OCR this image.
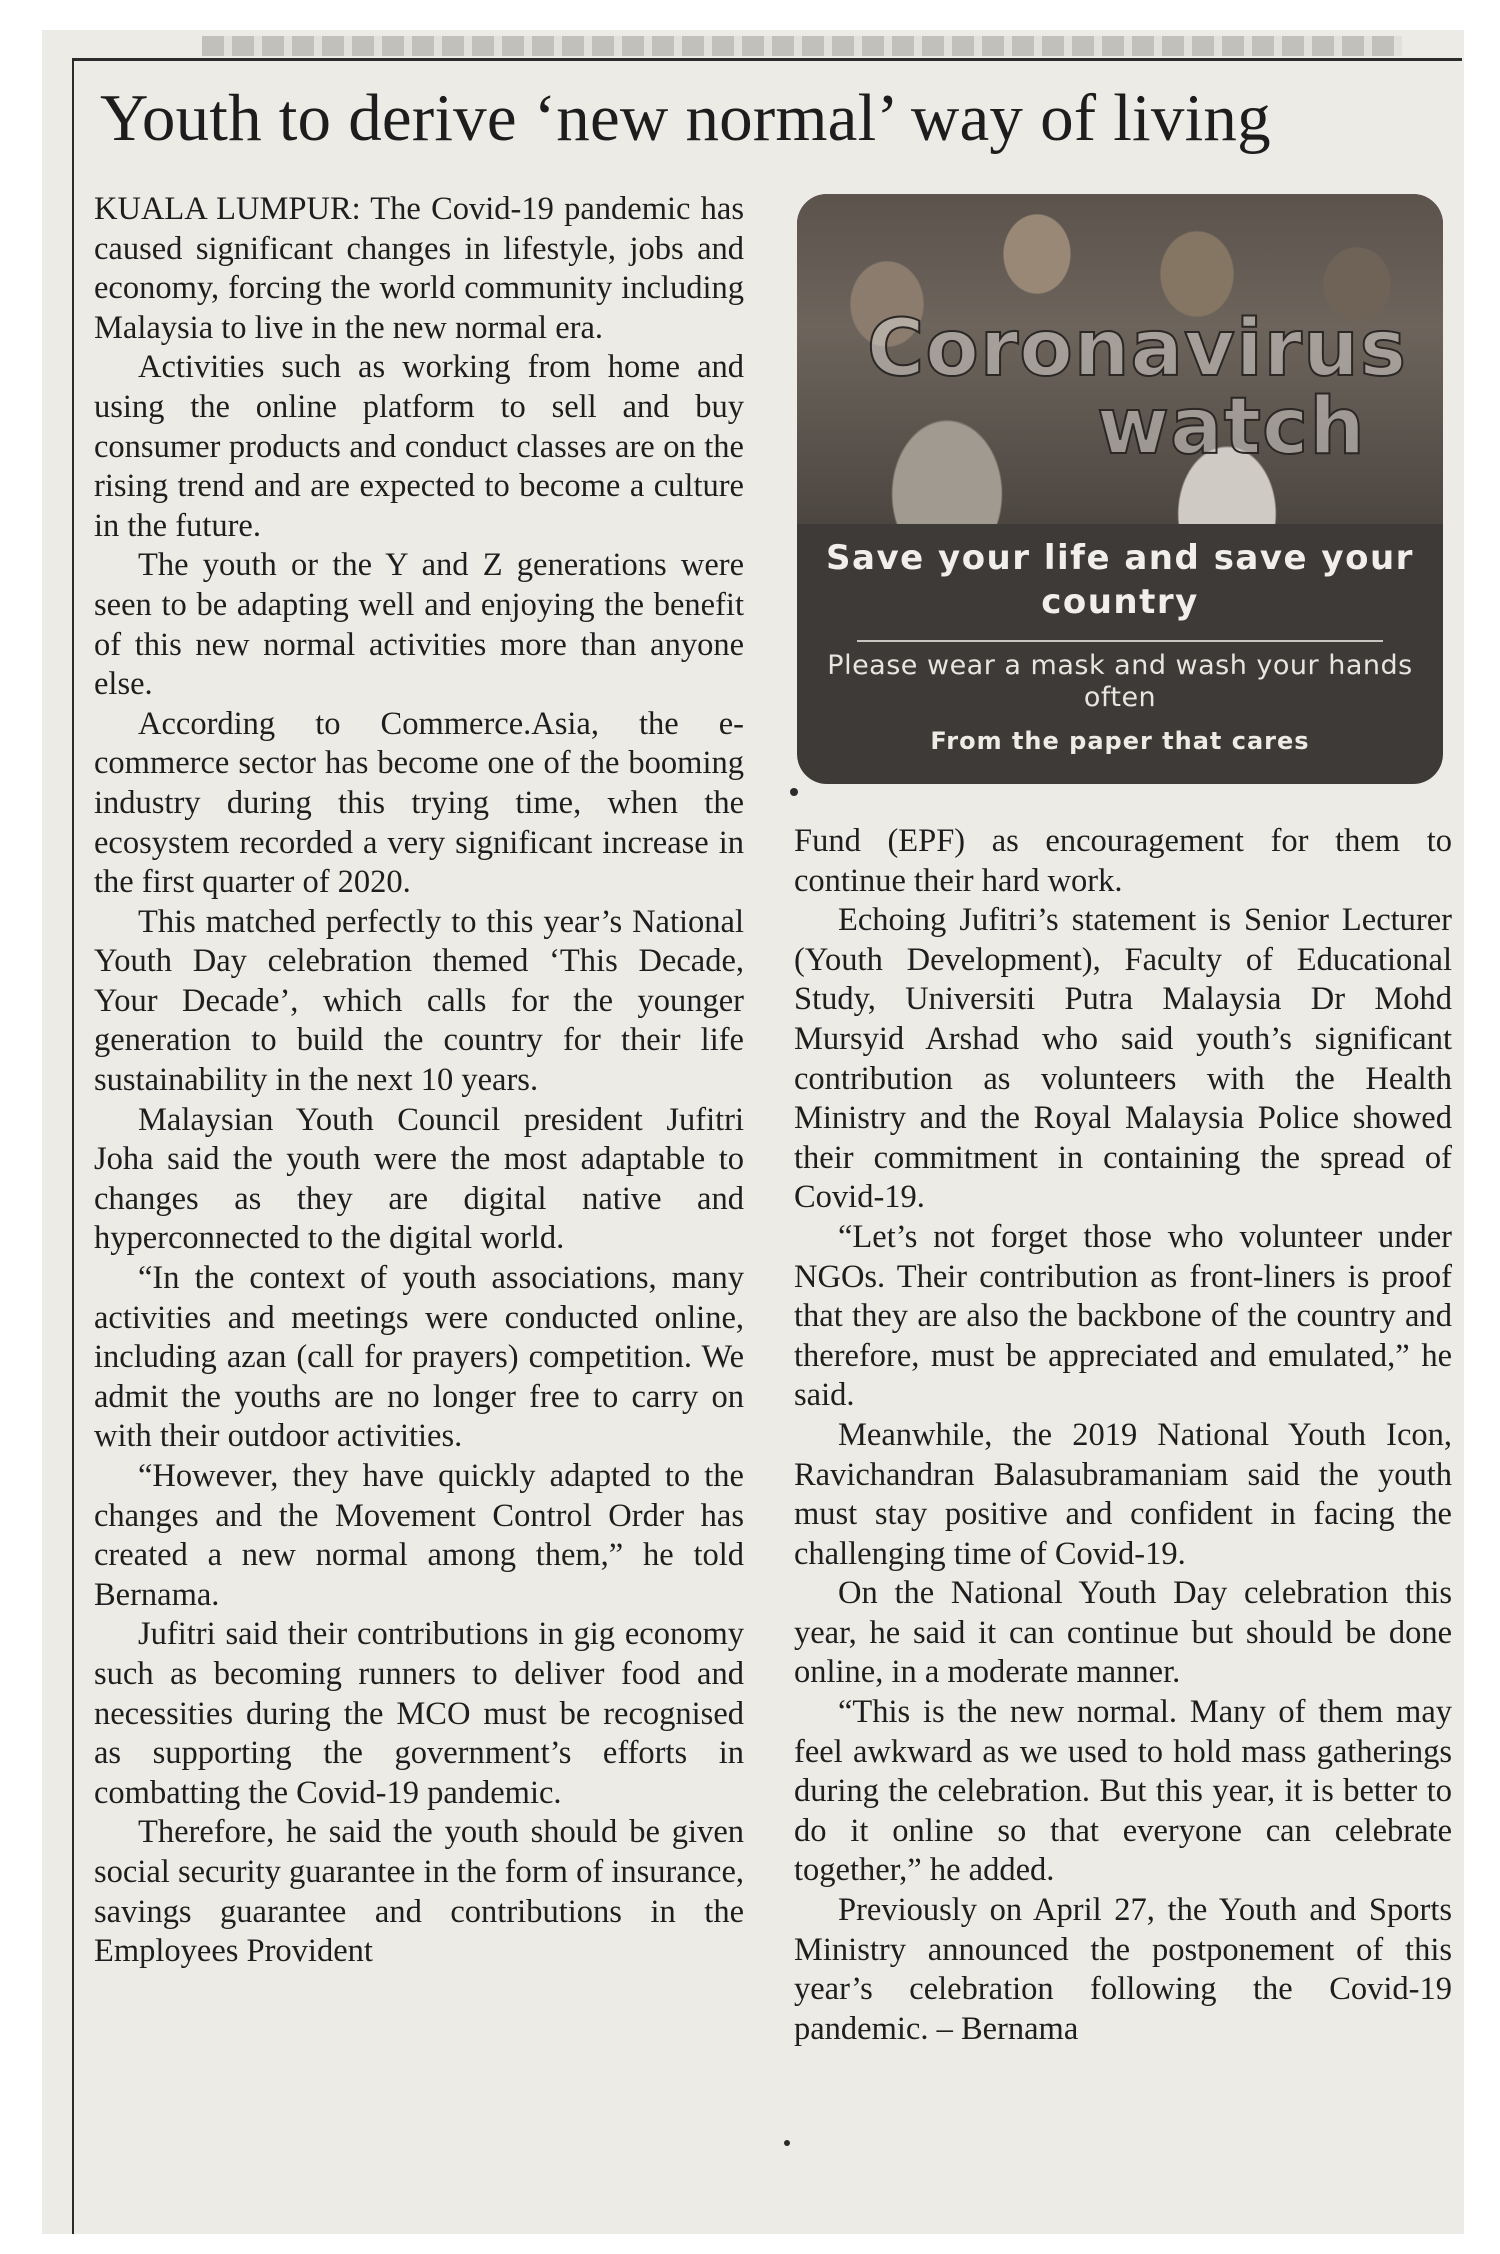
Youth to derive ‘new normal’ way of living

KUALA LUMPUR: The Covid-19 pandemic has caused significant changes in lifestyle, jobs and economy, forcing the world community including Malaysia to live in the new normal era.

Activities such as working from home and using the online platform to sell and buy consumer products and conduct classes are on the rising trend and are expected to become a culture in the future.

The youth or the Y and Z generations were seen to be adapting well and enjoying the benefit of this new normal activities more than anyone else.

According to Commerce.Asia, the e-commerce sector has become one of the booming industry during this trying time, when the ecosystem recorded a very significant increase in the first quarter of 2020.

This matched perfectly to this year’s National Youth Day celebration themed ‘This Decade, Your Decade’, which calls for the younger generation to build the country for their life sustainability in the next 10 years.

Malaysian Youth Council president Jufitri Joha said the youth were the most adaptable to changes as they are digital native and hyperconnected to the digital world.

“In the context of youth associations, many activities and meetings were conducted online, including azan (call for prayers) competition. We admit the youths are no longer free to carry on with their outdoor activities.

“However, they have quickly adapted to the changes and the Movement Control Order has created a new normal among them,” he told Bernama.

Jufitri said their contributions in gig economy such as becoming runners to deliver food and necessities during the MCO must be recognised as supporting the government’s efforts in combatting the Covid-19 pandemic.

Therefore, he said the youth should be given social security guarantee in the form of insurance, savings guarantee and contributions in the Employees Provident

Coronavirus
watch
Save your life and save your country
Please wear a mask and wash your hands often
From the paper that cares

Fund (EPF) as encouragement for them to continue their hard work.

Echoing Jufitri’s statement is Senior Lecturer (Youth Development), Faculty of Educational Study, Universiti Putra Malaysia Dr Mohd Mursyid Arshad who said youth’s significant contribution as volunteers with the Health Ministry and the Royal Malaysia Police showed their commitment in containing the spread of Covid-19.

“Let’s not forget those who volunteer under NGOs. Their contribution as front-liners is proof that they are also the backbone of the country and therefore, must be appreciated and emulated,” he said.

Meanwhile, the 2019 National Youth Icon, Ravichandran Balasubramaniam said the youth must stay positive and confident in facing the challenging time of Covid-19.

On the National Youth Day celebration this year, he said it can continue but should be done online, in a moderate manner.

“This is the new normal. Many of them may feel awkward as we used to hold mass gatherings during the celebration. But this year, it is better to do it online so that everyone can celebrate together,” he added.

Previously on April 27, the Youth and Sports Ministry announced the postponement of this year’s celebration following the Covid-19 pandemic. – Bernama
